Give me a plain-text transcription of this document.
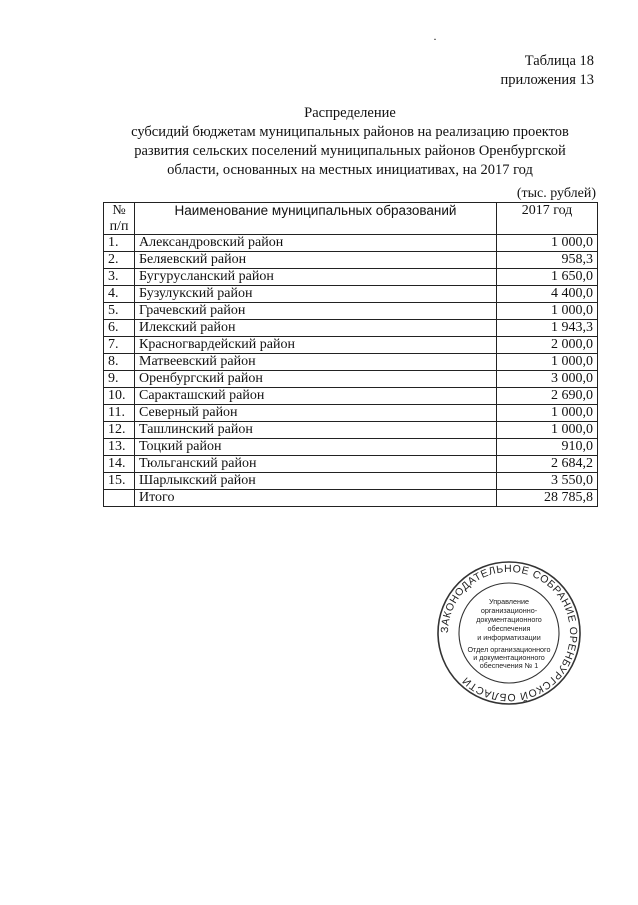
·
Таблица 18
приложения 13
Распределение
субсидий бюджетам муниципальных районов на реализацию проектов
развития сельских поселений муниципальных районов Оренбургской
области, основанных на местных инициативах, на 2017 год
(тыс. рублей)
№
п/п	Наименование муниципальных образований	2017 год
1.	Александровский район	1 000,0
2.	Беляевский район	958,3
3.	Бугурусланский район	1 650,0
4.	Бузулукский район	4 400,0
5.	Грачевский район	1 000,0
6.	Илекский район	1 943,3
7.	Красногвардейский район	2 000,0
8.	Матвеевский район	1 000,0
9.	Оренбургский район	3 000,0
10.	Саракташский район	2 690,0
11.	Северный район	1 000,0
12.	Ташлинский район	1 000,0
13.	Тоцкий район	910,0
14.	Тюльганский район	2 684,2
15.	Шарлыкский район	3 550,0
	Итого	28 785,8
ЗАКОНОДАТЕЛЬНОЕ СОБРАНИЕ ОРЕНБУРГСКОЙ ОБЛАСТИ
Управление
организационно-
документационного
обеспечения
и информатизации
Отдел организационного
и документационного
обеспечения № 1
